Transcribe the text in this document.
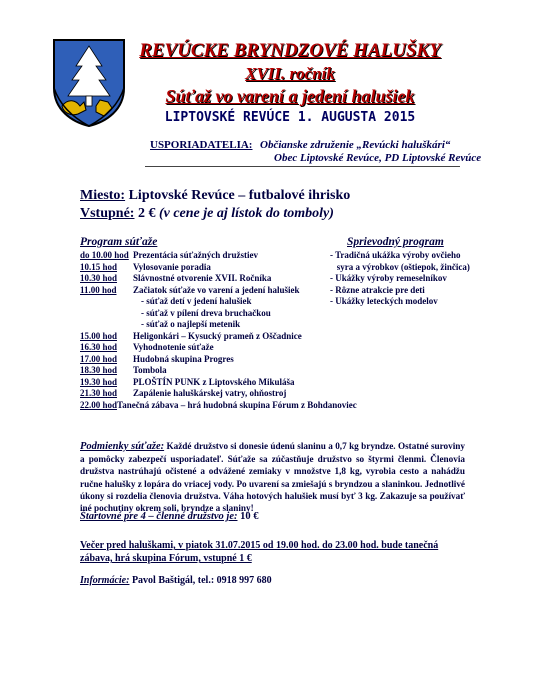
REVÚCKE BRYNDZOVÉ HALUŠKY
XVII. ročník
Súťaž vo varení a jedení halušiek
LIPTOVSKÉ REVÚCE 1. AUGUSTA 2015
USPORIADATELIA: Občianske združenie „Revúcki haluškári“
Obec Liptovské Revúce, PD Liptovské Revúce
Miesto: Liptovské Revúce – futbalové ihrisko
Vstupné: 2 € (v cene je aj lístok do tomboly)
Program súťaže	Sprievodný program
do 10.00 hod Prezentácia súťažných družstiev
10.15 hod	Vylosovanie poradia
10.30 hod	Slávnostné otvorenie XVII. Ročníka
11.00 hod	Začiatok súťaže vo varení a jedení halušiek
- súťaž detí v jedení halušiek
- súťaž v pílení dreva bruchačkou
- súťaž o najlepší metenik
15.00 hod	Heligonkári – Kysucký prameň z Oščadnice
16.30 hod	Vyhodnotenie súťaže
17.00 hod	Hudobná skupina Progres
18.30 hod	Tombola
19.30 hod	PLOŠTÍN PUNK z Liptovského Mikuláša
21.30 hod	Zapálenie haluškárskej vatry, ohňostroj
22.00 hod Tanečná zábava – hrá hudobná skupina Fórum z Bohdanoviec
- Tradičná ukážka výroby ovčieho
syra a výrobkov (oštiepok, žinčica)
- Ukážky výroby remeselníkov
- Rôzne atrakcie pre deti
- Ukážky leteckých modelov
Podmienky súťaže: Každé družstvo si donesie údenú slaninu a 0,7 kg bryndze. Ostatné suroviny a pomôcky zabezpečí usporiadateľ. Súťaže sa zúčastňuje družstvo so štyrmi členmi. Členovia družstva nastrúhajú očistené a odvážené zemiaky v množstve 1,8 kg, vyrobia cesto a nahádžu ručne halušky z lopára do vriacej vody. Po uvarení sa zmiešajú s bryndzou a slaninkou. Jednotlivé úkony si rozdelia členovia družstva. Váha hotových halušiek musí byť 3 kg. Zakazuje sa používať iné pochutiny okrem soli, bryndze a slaniny!
Štartovné pre 4 – členné družstvo je: 10 €
Večer pred haluškami, v piatok 31.07.2015 od 19.00 hod. do 23.00 hod. bude tanečná
zábava, hrá skupina Fórum, vstupné 1 €
Informácie: Pavol Baštigál, tel.: 0918 997 680
